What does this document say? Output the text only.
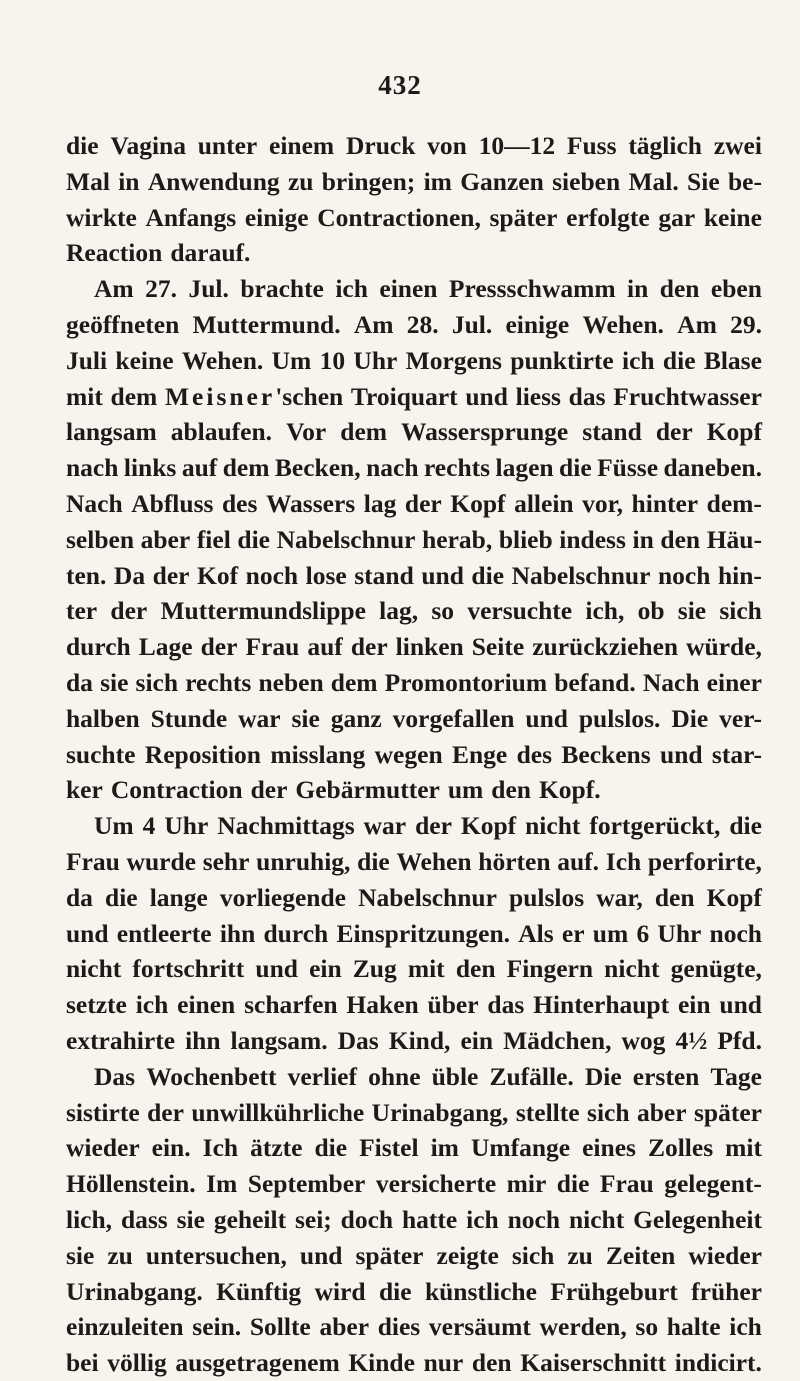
432
die Vagina unter einem Druck von 10—12 Fuss täglich zwei
Mal in Anwendung zu bringen; im Ganzen sieben Mal. Sie be-
wirkte Anfangs einige Contractionen, später erfolgte gar keine
Reaction darauf.
Am 27. Jul. brachte ich einen Pressschwamm in den eben
geöffneten Muttermund. Am 28. Jul. einige Wehen. Am 29.
Juli keine Wehen. Um 10 Uhr Morgens punktirte ich die Blase
mit dem Meisner'schen Troiquart und liess das Fruchtwasser
langsam ablaufen. Vor dem Wassersprunge stand der Kopf
nach links auf dem Becken, nach rechts lagen die Füsse daneben.
Nach Abfluss des Wassers lag der Kopf allein vor, hinter dem-
selben aber fiel die Nabelschnur herab, blieb indess in den Häu-
ten. Da der Kof noch lose stand und die Nabelschnur noch hin-
ter der Muttermundslippe lag, so versuchte ich, ob sie sich
durch Lage der Frau auf der linken Seite zurückziehen würde,
da sie sich rechts neben dem Promontorium befand. Nach einer
halben Stunde war sie ganz vorgefallen und pulslos. Die ver-
suchte Reposition misslang wegen Enge des Beckens und star-
ker Contraction der Gebärmutter um den Kopf.
Um 4 Uhr Nachmittags war der Kopf nicht fortgerückt, die
Frau wurde sehr unruhig, die Wehen hörten auf. Ich perforirte,
da die lange vorliegende Nabelschnur pulslos war, den Kopf
und entleerte ihn durch Einspritzungen. Als er um 6 Uhr noch
nicht fortschritt und ein Zug mit den Fingern nicht genügte,
setzte ich einen scharfen Haken über das Hinterhaupt ein und
extrahirte ihn langsam. Das Kind, ein Mädchen, wog 4½ Pfd.
Das Wochenbett verlief ohne üble Zufälle. Die ersten Tage
sistirte der unwillkührliche Urinabgang, stellte sich aber später
wieder ein. Ich ätzte die Fistel im Umfange eines Zolles mit
Höllenstein. Im September versicherte mir die Frau gelegent-
lich, dass sie geheilt sei; doch hatte ich noch nicht Gelegenheit
sie zu untersuchen, und später zeigte sich zu Zeiten wieder
Urinabgang. Künftig wird die künstliche Frühgeburt früher
einzuleiten sein. Sollte aber dies versäumt werden, so halte ich
bei völlig ausgetragenem Kinde nur den Kaiserschnitt indicirt.
